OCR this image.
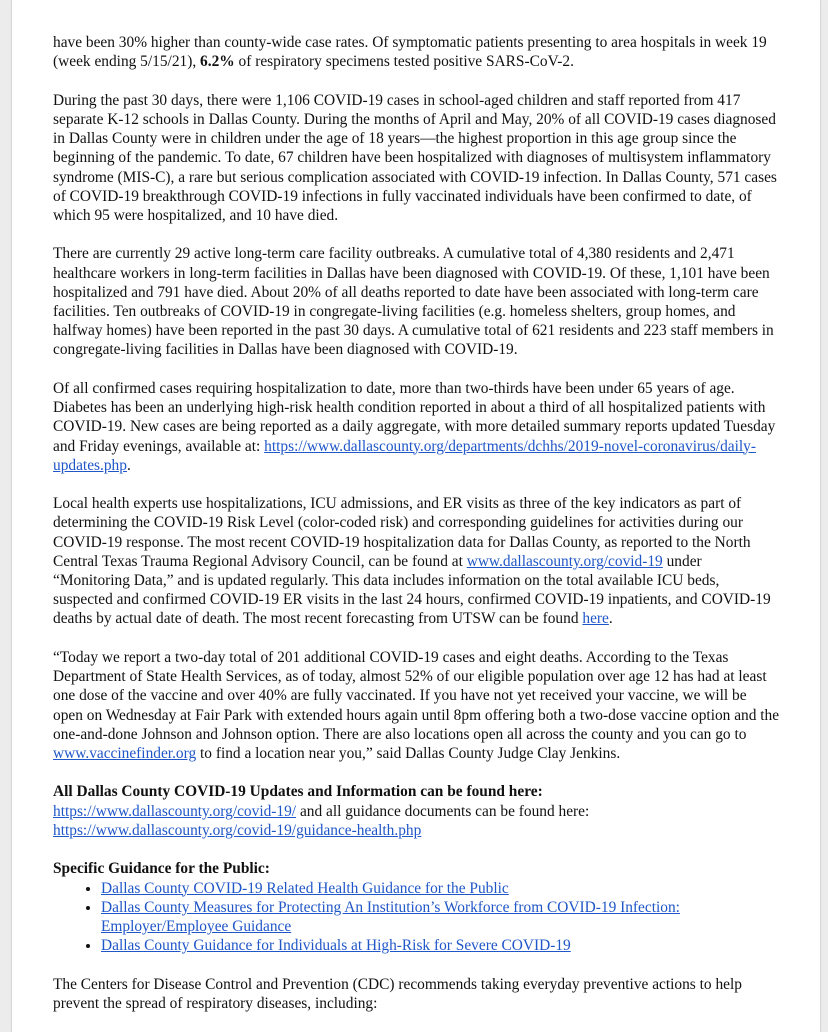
have been 30% higher than county-wide case rates. Of symptomatic patients presenting to area hospitals in week 19 (week ending 5/15/21), 6.2% of respiratory specimens tested positive SARS-CoV-2.

During the past 30 days, there were 1,106 COVID-19 cases in school-aged children and staff reported from 417 separate K-12 schools in Dallas County. During the months of April and May, 20% of all COVID-19 cases diagnosed in Dallas County were in children under the age of 18 years—the highest proportion in this age group since the beginning of the pandemic. To date, 67 children have been hospitalized with diagnoses of multisystem inflammatory syndrome (MIS-C), a rare but serious complication associated with COVID-19 infection. In Dallas County, 571 cases of COVID-19 breakthrough COVID-19 infections in fully vaccinated individuals have been confirmed to date, of which 95 were hospitalized, and 10 have died.

There are currently 29 active long-term care facility outbreaks. A cumulative total of 4,380 residents and 2,471 healthcare workers in long-term facilities in Dallas have been diagnosed with COVID-19. Of these, 1,101 have been hospitalized and 791 have died. About 20% of all deaths reported to date have been associated with long-term care facilities. Ten outbreaks of COVID-19 in congregate-living facilities (e.g. homeless shelters, group homes, and halfway homes) have been reported in the past 30 days. A cumulative total of 621 residents and 223 staff members in congregate-living facilities in Dallas have been diagnosed with COVID-19.

Of all confirmed cases requiring hospitalization to date, more than two-thirds have been under 65 years of age. Diabetes has been an underlying high-risk health condition reported in about a third of all hospitalized patients with COVID-19. New cases are being reported as a daily aggregate, with more detailed summary reports updated Tuesday and Friday evenings, available at: https://www.dallascounty.org/departments/dchhs/2019-novel-coronavirus/daily-updates.php.

Local health experts use hospitalizations, ICU admissions, and ER visits as three of the key indicators as part of determining the COVID-19 Risk Level (color-coded risk) and corresponding guidelines for activities during our COVID-19 response. The most recent COVID-19 hospitalization data for Dallas County, as reported to the North Central Texas Trauma Regional Advisory Council, can be found at www.dallascounty.org/covid-19 under “Monitoring Data,” and is updated regularly. This data includes information on the total available ICU beds, suspected and confirmed COVID-19 ER visits in the last 24 hours, confirmed COVID-19 inpatients, and COVID-19 deaths by actual date of death. The most recent forecasting from UTSW can be found here.

“Today we report a two-day total of 201 additional COVID-19 cases and eight deaths. According to the Texas Department of State Health Services, as of today, almost 52% of our eligible population over age 12 has had at least one dose of the vaccine and over 40% are fully vaccinated. If you have not yet received your vaccine, we will be open on Wednesday at Fair Park with extended hours again until 8pm offering both a two-dose vaccine option and the one-and-done Johnson and Johnson option. There are also locations open all across the county and you can go to www.vaccinefinder.org to find a location near you,” said Dallas County Judge Clay Jenkins.

All Dallas County COVID-19 Updates and Information can be found here:
https://www.dallascounty.org/covid-19/ and all guidance documents can be found here:
https://www.dallascounty.org/covid-19/guidance-health.php

Specific Guidance for the Public:
• Dallas County COVID-19 Related Health Guidance for the Public
• Dallas County Measures for Protecting An Institution’s Workforce from COVID-19 Infection: Employer/Employee Guidance
• Dallas County Guidance for Individuals at High-Risk for Severe COVID-19

The Centers for Disease Control and Prevention (CDC) recommends taking everyday preventive actions to help prevent the spread of respiratory diseases, including:
